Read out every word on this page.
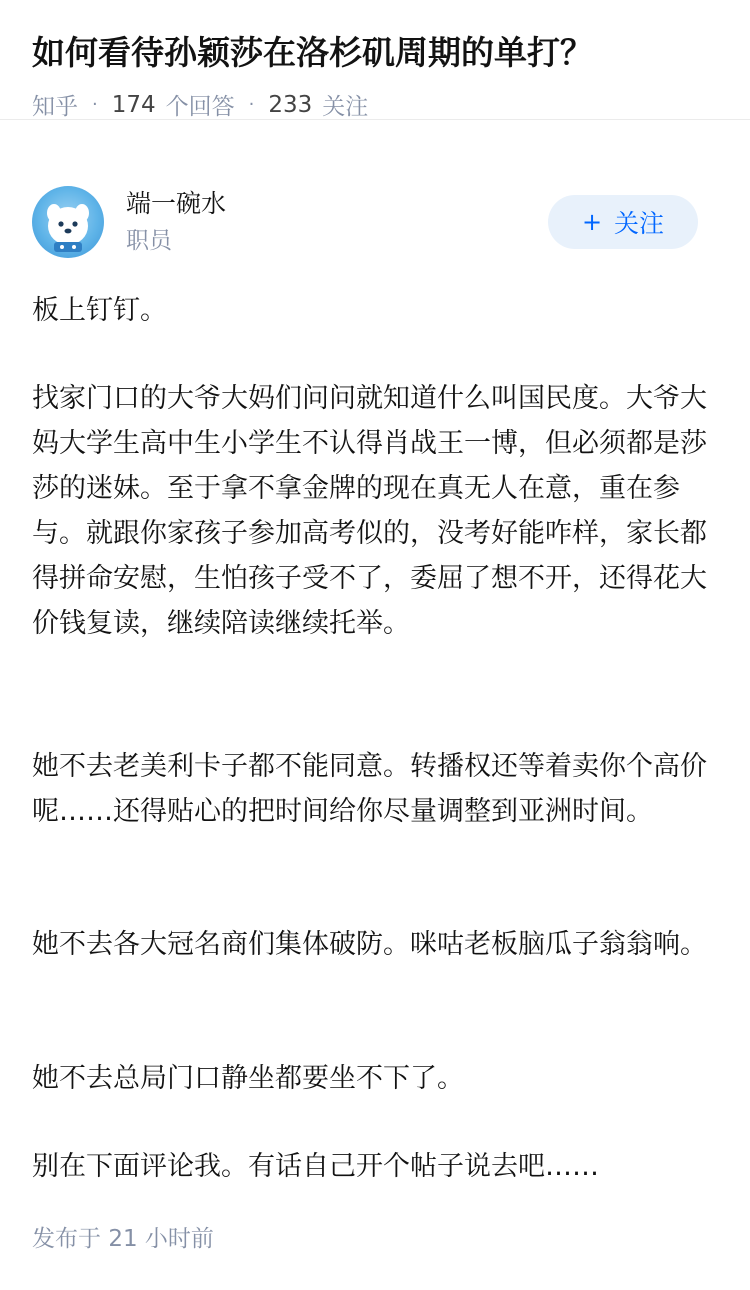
如何看待孙颖莎在洛杉矶周期的单打？
知乎 · 174 个回答 · 233 关注
端一碗水
职员
+ 关注

板上钉钉。

找家门口的大爷大妈们问问就知道什么叫国民度。大爷大妈大学生高中生小学生不认得肖战王一博，但必须都是莎莎的迷妹。至于拿不拿金牌的现在真无人在意，重在参与。就跟你家孩子参加高考似的，没考好能咋样，家长都得拼命安慰，生怕孩子受不了，委屈了想不开，还得花大价钱复读，继续陪读继续托举。

她不去老美利卡子都不能同意。转播权还等着卖你个高价呢……还得贴心的把时间给你尽量调整到亚洲时间。

她不去各大冠名商们集体破防。咪咕老板脑瓜子翁翁响。

她不去总局门口静坐都要坐不下了。

别在下面评论我。有话自己开个帖子说去吧……

发布于 21 小时前
